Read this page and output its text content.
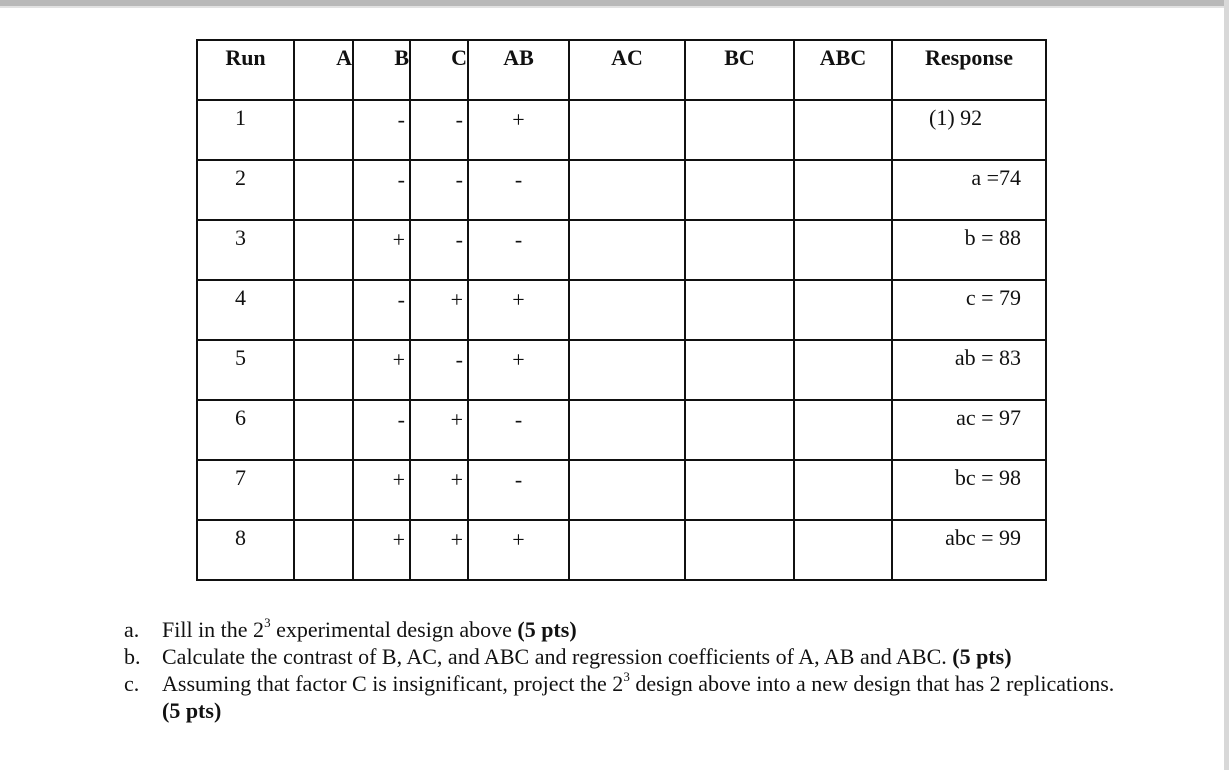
Run	A	B	C	AB	AC	BC	ABC	Response
1		-	-	+				(1) 92
2		-	-	-				a =74
3		+	-	-				b = 88
4		-	+	+				c = 79
5		+	-	+				ab = 83
6		-	+	-				ac = 97
7		+	+	-				bc = 98
8		+	+	+				abc = 99
a. Fill in the $2^3$ experimental design above (5 pts)
b. Calculate the contrast of B, AC, and ABC and regression coefficients of A, AB and ABC. (5 pts)
c. Assuming that factor C is insignificant, project the $2^3$ design above into a new design that has 2 replications. (5 pts)
